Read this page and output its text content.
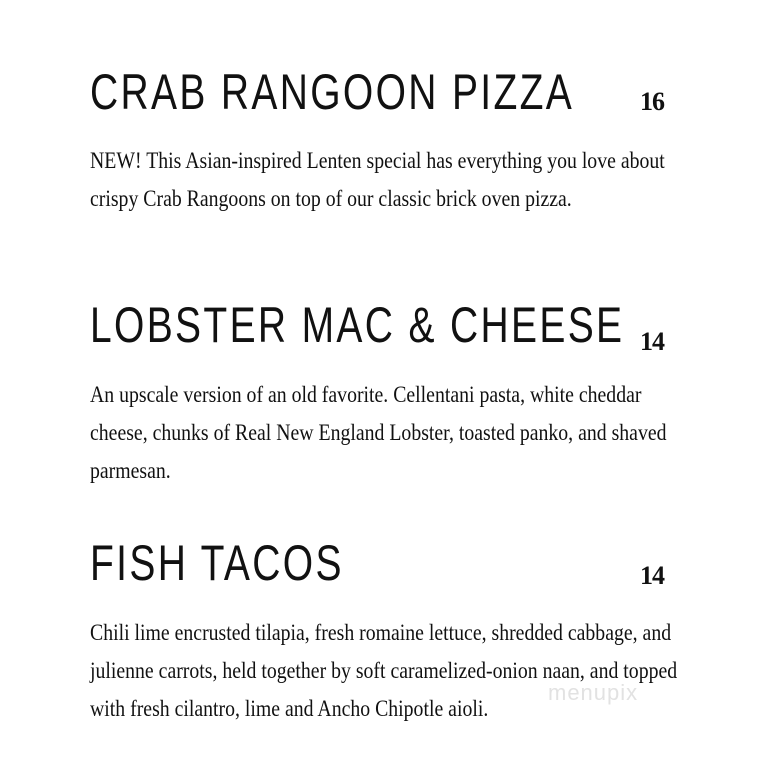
CRAB RANGOON PIZZA	16
NEW! This Asian-inspired Lenten special has everything you love about crispy Crab Rangoons on top of our classic brick oven pizza.
LOBSTER MAC & CHEESE 14
An upscale version of an old favorite. Cellentani pasta, white cheddar cheese, chunks of Real New England Lobster, toasted panko, and shaved parmesan.
FISH TACOS	14
Chili lime encrusted tilapia, fresh romaine lettuce, shredded cabbage, and julienne carrots, held together by soft caramelized-onion naan, and topped with fresh cilantro, lime and Ancho Chipotle aioli.
menupix
